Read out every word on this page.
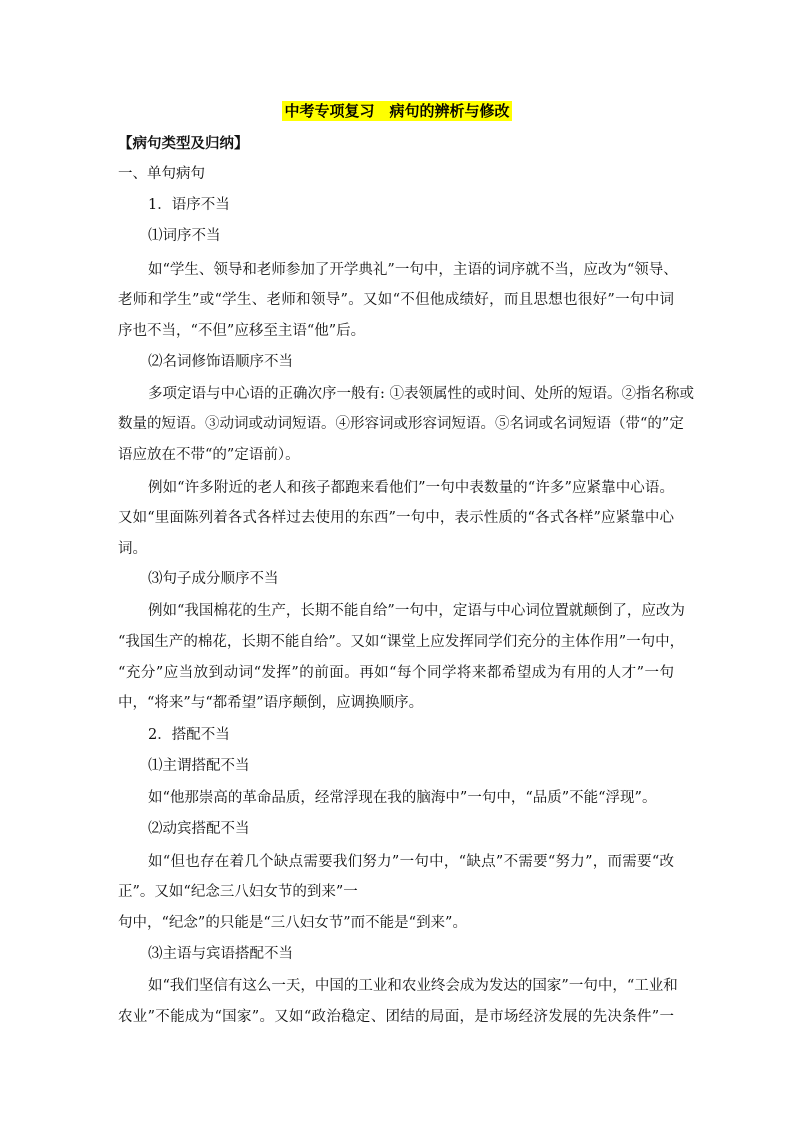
中考专项复习　病句的辨析与修改
【病句类型及归纳】
一、单句病句
1．语序不当
⑴词序不当
如“学生、领导和老师参加了开学典礼”一句中，主语的词序就不当，应改为“领导、
老师和学生”或“学生、老师和领导”。又如“不但他成绩好，而且思想也很好”一句中词
序也不当，“不但”应移至主语“他”后。
⑵名词修饰语顺序不当
多项定语与中心语的正确次序一般有: ①表领属性的或时间、处所的短语。②指名称或
数量的短语。③动词或动词短语。④形容词或形容词短语。⑤名词或名词短语（带“的”定
语应放在不带“的”定语前）。
例如“许多附近的老人和孩子都跑来看他们”一句中表数量的“许多”应紧靠中心语。
又如“里面陈列着各式各样过去使用的东西”一句中，表示性质的“各式各样”应紧靠中心
词。
⑶句子成分顺序不当
例如“我国棉花的生产，长期不能自给”一句中，定语与中心词位置就颠倒了，应改为
“我国生产的棉花，长期不能自给”。又如“课堂上应发挥同学们充分的主体作用”一句中，
“充分”应当放到动词“发挥”的前面。再如“每个同学将来都希望成为有用的人才”一句
中，“将来”与“都希望”语序颠倒，应调换顺序。
2．搭配不当
⑴主谓搭配不当
如“他那崇高的革命品质，经常浮现在我的脑海中”一句中，“品质”不能“浮现”。
⑵动宾搭配不当
如“但也存在着几个缺点需要我们努力”一句中，“缺点”不需要“努力”，而需要“改
正”。又如“纪念三八妇女节的到来”一
句中，“纪念”的只能是“三八妇女节”而不能是“到来”。
⑶主语与宾语搭配不当
如“我们坚信有这么一天，中国的工业和农业终会成为发达的国家”一句中，“工业和
农业”不能成为“国家”。又如“政治稳定、团结的局面，是市场经济发展的先决条件”一
